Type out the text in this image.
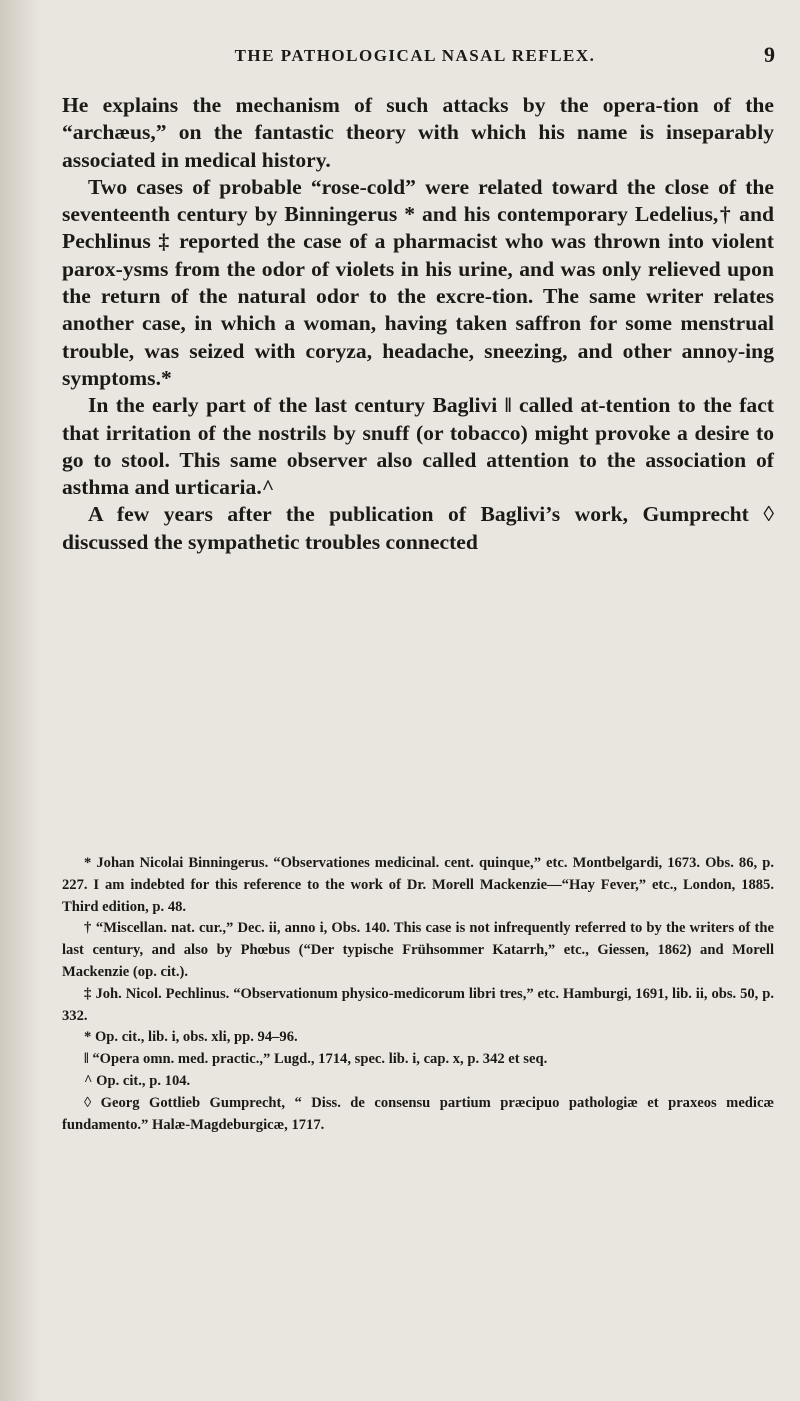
THE PATHOLOGICAL NASAL REFLEX.	9

He explains the mechanism of such attacks by the opera-tion of the “archæus,” on the fantastic theory with which his name is inseparably associated in medical history.

Two cases of probable “rose-cold” were related toward the close of the seventeenth century by Binningerus * and his contemporary Ledelius,† and Pechlinus ‡ reported the case of a pharmacist who was thrown into violent parox-ysms from the odor of violets in his urine, and was only relieved upon the return of the natural odor to the excre-tion. The same writer relates another case, in which a woman, having taken saffron for some menstrual trouble, was seized with coryza, headache, sneezing, and other annoy-ing symptoms.*

In the early part of the last century Baglivi ‖ called at-tention to the fact that irritation of the nostrils by snuff (or tobacco) might provoke a desire to go to stool. This same observer also called attention to the association of asthma and urticaria.^

A few years after the publication of Baglivi’s work, Gumprecht ◊ discussed the sympathetic troubles connected

* Johan Nicolai Binningerus. “Observationes medicinal. cent. quinque,” etc. Montbelgardi, 1673. Obs. 86, p. 227. I am indebted for this reference to the work of Dr. Morell Mackenzie—“Hay Fever,” etc., London, 1885. Third edition, p. 48.

† “Miscellan. nat. cur.,” Dec. ii, anno i, Obs. 140. This case is not infrequently referred to by the writers of the last century, and also by Phœbus (“Der typische Frühsommer Katarrh,” etc., Giessen, 1862) and Morell Mackenzie (op. cit.).

‡ Joh. Nicol. Pechlinus. “Observationum physico-medicorum libri tres,” etc. Hamburgi, 1691, lib. ii, obs. 50, p. 332.

* Op. cit., lib. i, obs. xli, pp. 94–96.

‖ “Opera omn. med. practic.,” Lugd., 1714, spec. lib. i, cap. x, p. 342 et seq.

^ Op. cit., p. 104.

◊ Georg Gottlieb Gumprecht, “ Diss. de consensu partium præcipuo pathologiæ et praxeos medicæ fundamento.” Halæ-Magdeburgicæ, 1717.
